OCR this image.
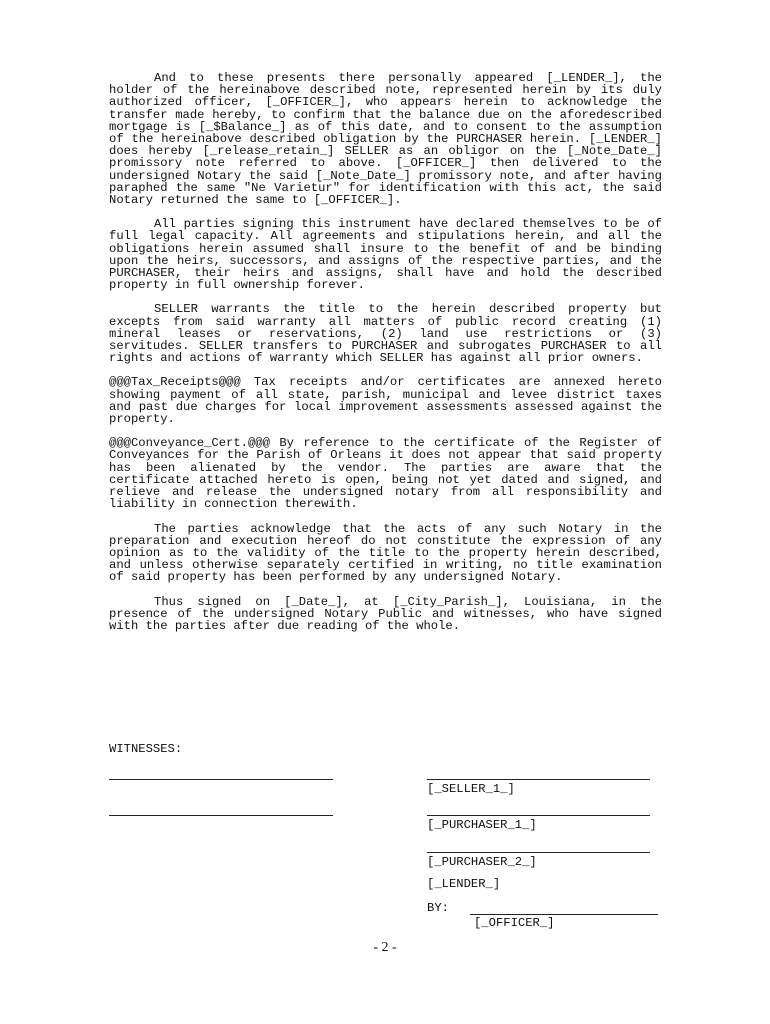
And to these presents there personally appeared [_LENDER_], the holder of the hereinabove described note, represented herein by its duly authorized officer, [_OFFICER_], who appears herein to acknowledge the transfer made hereby, to confirm that the balance due on the aforedescribed mortgage is [_$Balance_] as of this date, and to consent to the assumption of the hereinabove described obligation by the PURCHASER herein. [_LENDER_] does hereby [_release_retain_] SELLER as an obligor on the [_Note_Date_] promissory note referred to above. [_OFFICER_] then delivered to the undersigned Notary the said [_Note_Date_] promissory note, and after having paraphed the same "Ne Varietur" for identification with this act, the said Notary returned the same to [_OFFICER_].

All parties signing this instrument have declared themselves to be of full legal capacity. All agreements and stipulations herein, and all the obligations herein assumed shall insure to the benefit of and be binding upon the heirs, successors, and assigns of the respective parties, and the PURCHASER, their heirs and assigns, shall have and hold the described property in full ownership forever.

SELLER warrants the title to the herein described property but excepts from said warranty all matters of public record creating (1) mineral leases or reservations, (2) land use restrictions or (3) servitudes. SELLER transfers to PURCHASER and subrogates PURCHASER to all rights and actions of warranty which SELLER has against all prior owners.

@@@Tax_Receipts@@@ Tax receipts and/or certificates are annexed hereto showing payment of all state, parish, municipal and levee district taxes and past due charges for local improvement assessments assessed against the property.

@@@Conveyance_Cert.@@@ By reference to the certificate of the Register of Conveyances for the Parish of Orleans it does not appear that said property has been alienated by the vendor. The parties are aware that the certificate attached hereto is open, being not yet dated and signed, and relieve and release the undersigned notary from all responsibility and liability in connection therewith.

The parties acknowledge that the acts of any such Notary in the preparation and execution hereof do not constitute the expression of any opinion as to the validity of the title to the property herein described, and unless otherwise separately certified in writing, no title examination of said property has been performed by any undersigned Notary.

Thus signed on [_Date_], at [_City_Parish_], Louisiana, in the presence of the undersigned Notary Public and witnesses, who have signed with the parties after due reading of the whole.

WITNESSES:
[_SELLER_1_]
[_PURCHASER_1_]
[_PURCHASER_2_]
[_LENDER_]
BY:
[_OFFICER_]
- 2 -
